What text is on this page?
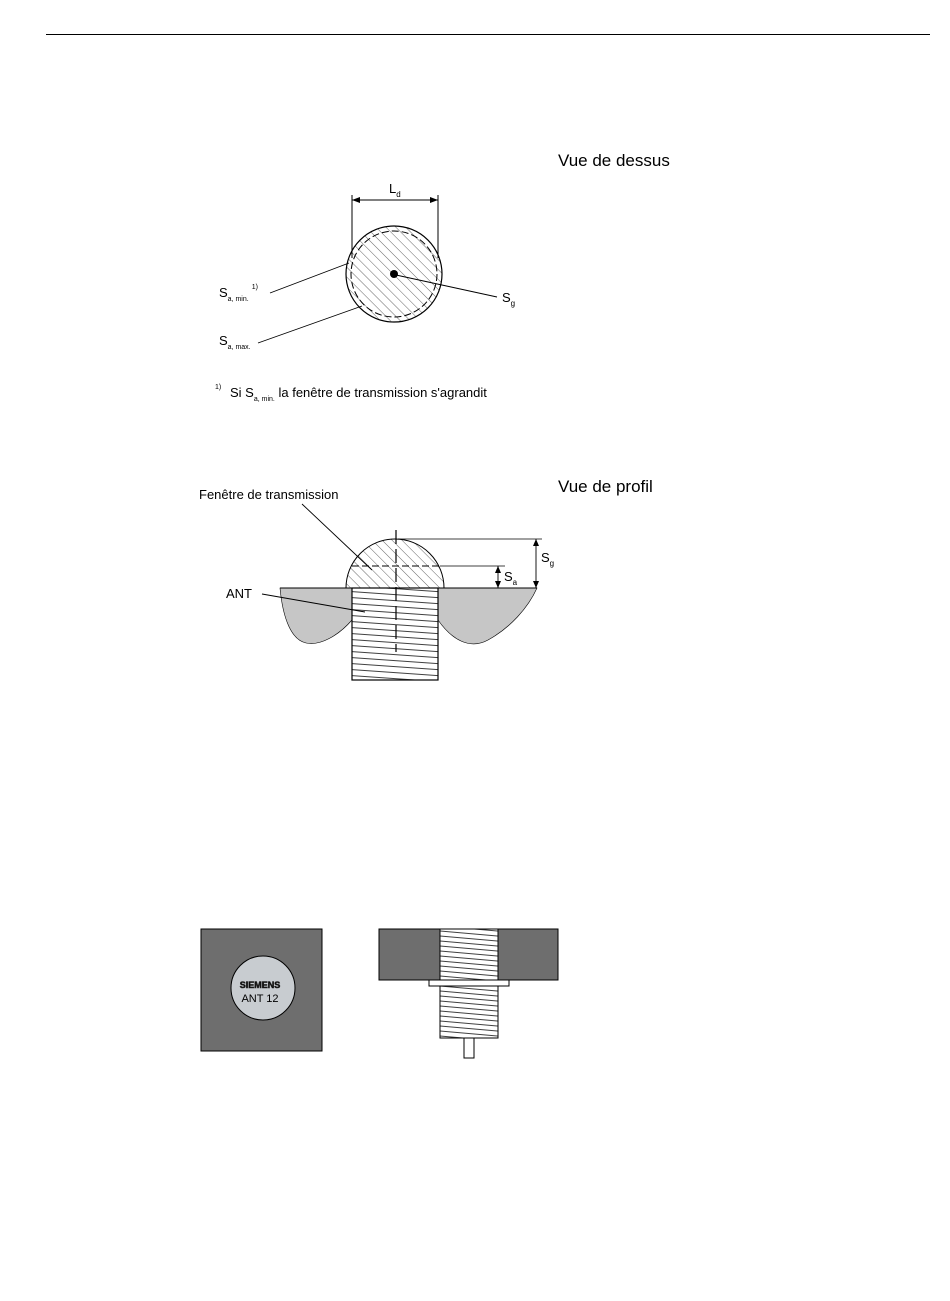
Vue de dessus
Vue de profil
$L_d$
$S_{a, min.}^{1)}$
$S_{a, max.}$
$S_g$
1) Si $S_{a, min.}$ la fenêtre de transmission s'agrandit
$S_a$
$S_g$
Fenêtre de transmission
ANT
SIEMENS
ANT 12
